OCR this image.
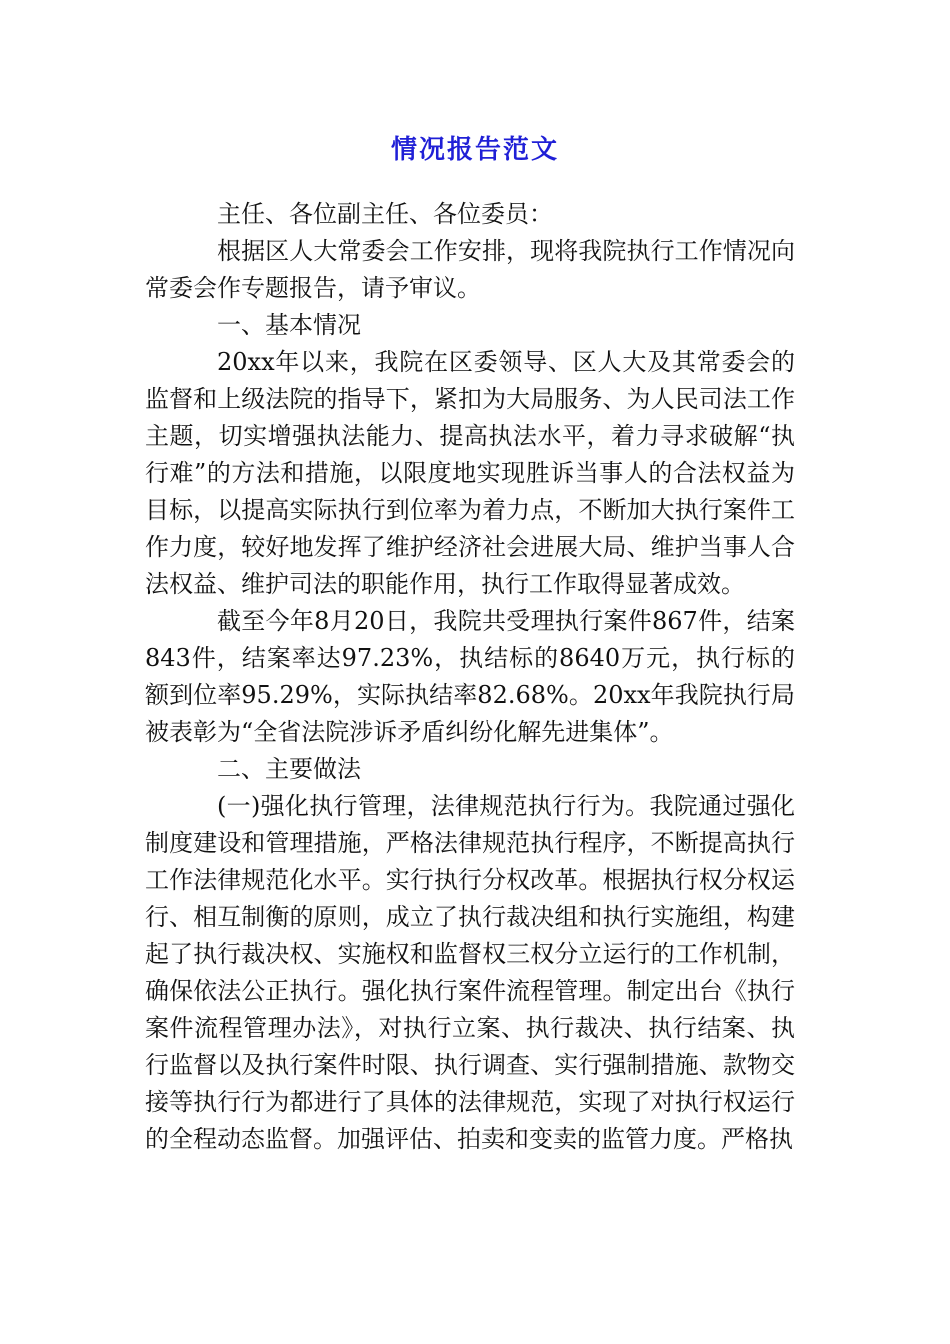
情况报告范文

主任、各位副主任、各位委员：

根据区人大常委会工作安排，现将我院执行工作情况向常委会作专题报告，请予审议。

一、基本情况

20xx年以来，我院在区委领导、区人大及其常委会的监督和上级法院的指导下，紧扣为大局服务、为人民司法工作主题，切实增强执法能力、提高执法水平，着力寻求破解“执行难”的方法和措施，以限度地实现胜诉当事人的合法权益为目标，以提高实际执行到位率为着力点，不断加大执行案件工作力度，较好地发挥了维护经济社会进展大局、维护当事人合法权益、维护司法的职能作用，执行工作取得显著成效。

截至今年8月20日，我院共受理执行案件867件，结案843件，结案率达97.23%，执结标的8640万元，执行标的额到位率95.29%，实际执结率82.68%。20xx年我院执行局被表彰为“全省法院涉诉矛盾纠纷化解先进集体”。

二、主要做法

(一)强化执行管理，法律规范执行行为。我院通过强化制度建设和管理措施，严格法律规范执行程序，不断提高执行工作法律规范化水平。实行执行分权改革。根据执行权分权运行、相互制衡的原则，成立了执行裁决组和执行实施组，构建起了执行裁决权、实施权和监督权三权分立运行的工作机制，确保依法公正执行。强化执行案件流程管理。制定出台《执行案件流程管理办法》，对执行立案、执行裁决、执行结案、执行监督以及执行案件时限、执行调查、实行强制措施、款物交接等执行行为都进行了具体的法律规范，实现了对执行权运行的全程动态监督。加强评估、拍卖和变卖的监管力度。严格执
